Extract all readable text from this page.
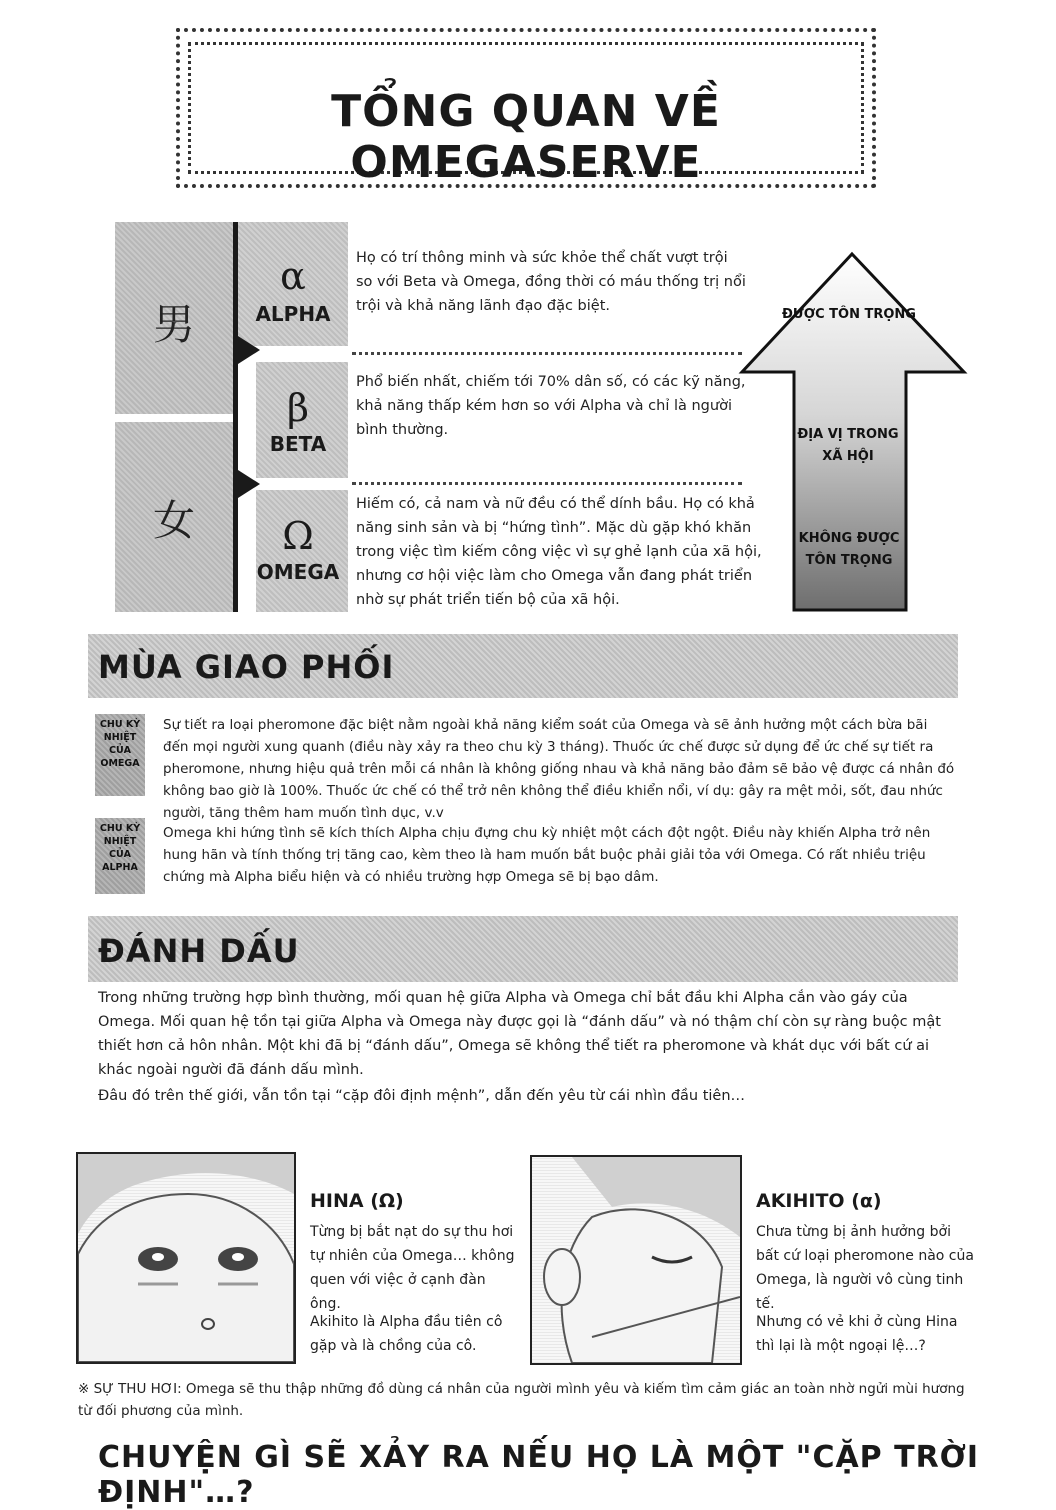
TỔNG QUAN VỀ OMEGASERVE
男
女
α
ALPHA
β
BETA
Ω
OMEGA
Họ có trí thông minh và sức khỏe thể chất vượt trội so với Beta và Omega, đồng thời có máu thống trị nổi trội và khả năng lãnh đạo đặc biệt.
Phổ biến nhất, chiếm tới 70% dân số, có các kỹ năng, khả năng thấp kém hơn so với Alpha và chỉ là người bình thường.
Hiếm có, cả nam và nữ đều có thể dính bầu. Họ có khả năng sinh sản và bị “hứng tình”. Mặc dù gặp khó khăn trong việc tìm kiếm công việc vì sự ghẻ lạnh của xã hội, nhưng cơ hội việc làm cho Omega vẫn đang phát triển nhờ sự phát triển tiến bộ của xã hội.
ĐƯỢC TÔN TRỌNG
ĐỊA VỊ TRONG XÃ HỘI
KHÔNG ĐƯỢC TÔN TRỌNG
MÙA GIAO PHỐI
CHU KỲ NHIỆT CỦA OMEGA
Sự tiết ra loại pheromone đặc biệt nằm ngoài khả năng kiểm soát của Omega và sẽ ảnh hưởng một cách bừa bãi đến mọi người xung quanh (điều này xảy ra theo chu kỳ 3 tháng). Thuốc ức chế được sử dụng để ức chế sự tiết ra pheromone, nhưng hiệu quả trên mỗi cá nhân là không giống nhau và khả năng bảo đảm sẽ bảo vệ được cá nhân đó không bao giờ là 100%. Thuốc ức chế có thể trở nên không thể điều khiển nổi, ví dụ: gây ra mệt mỏi, sốt, đau nhức người, tăng thêm ham muốn tình dục, v.v
CHU KỲ NHIỆT CỦA ALPHA
Omega khi hứng tình sẽ kích thích Alpha chịu đựng chu kỳ nhiệt một cách đột ngột. Điều này khiến Alpha trở nên hung hãn và tính thống trị tăng cao, kèm theo là ham muốn bắt buộc phải giải tỏa với Omega. Có rất nhiều triệu chứng mà Alpha biểu hiện và có nhiều trường hợp Omega sẽ bị bạo dâm.
ĐÁNH DẤU
Trong những trường hợp bình thường, mối quan hệ giữa Alpha và Omega chỉ bắt đầu khi Alpha cắn vào gáy của Omega. Mối quan hệ tồn tại giữa Alpha và Omega này được gọi là “đánh dấu” và nó thậm chí còn sự ràng buộc mật thiết hơn cả hôn nhân. Một khi đã bị “đánh dấu”, Omega sẽ không thể tiết ra pheromone và khát dục với bất cứ ai khác ngoài người đã đánh dấu mình.
Đâu đó trên thế giới, vẫn tồn tại “cặp đôi định mệnh”, dẫn đến yêu từ cái nhìn đầu tiên…
HINA (Ω)
Từng bị bắt nạt do sự thu hơi tự nhiên của Omega… không quen với việc ở cạnh đàn ông.
Akihito là Alpha đầu tiên cô gặp và là chồng của cô.
AKIHITO (α)
Chưa từng bị ảnh hưởng bởi bất cứ loại pheromone nào của Omega, là người vô cùng tinh tế.
Nhưng có vẻ khi ở cùng Hina thì lại là một ngoại lệ…?
※ SỰ THU HƠI: Omega sẽ thu thập những đồ dùng cá nhân của người mình yêu và kiếm tìm cảm giác an toàn nhờ ngửi mùi hương từ đối phương của mình.
CHUYỆN GÌ SẼ XẢY RA NẾU HỌ LÀ MỘT "CẶP TRỜI ĐỊNH"…?
